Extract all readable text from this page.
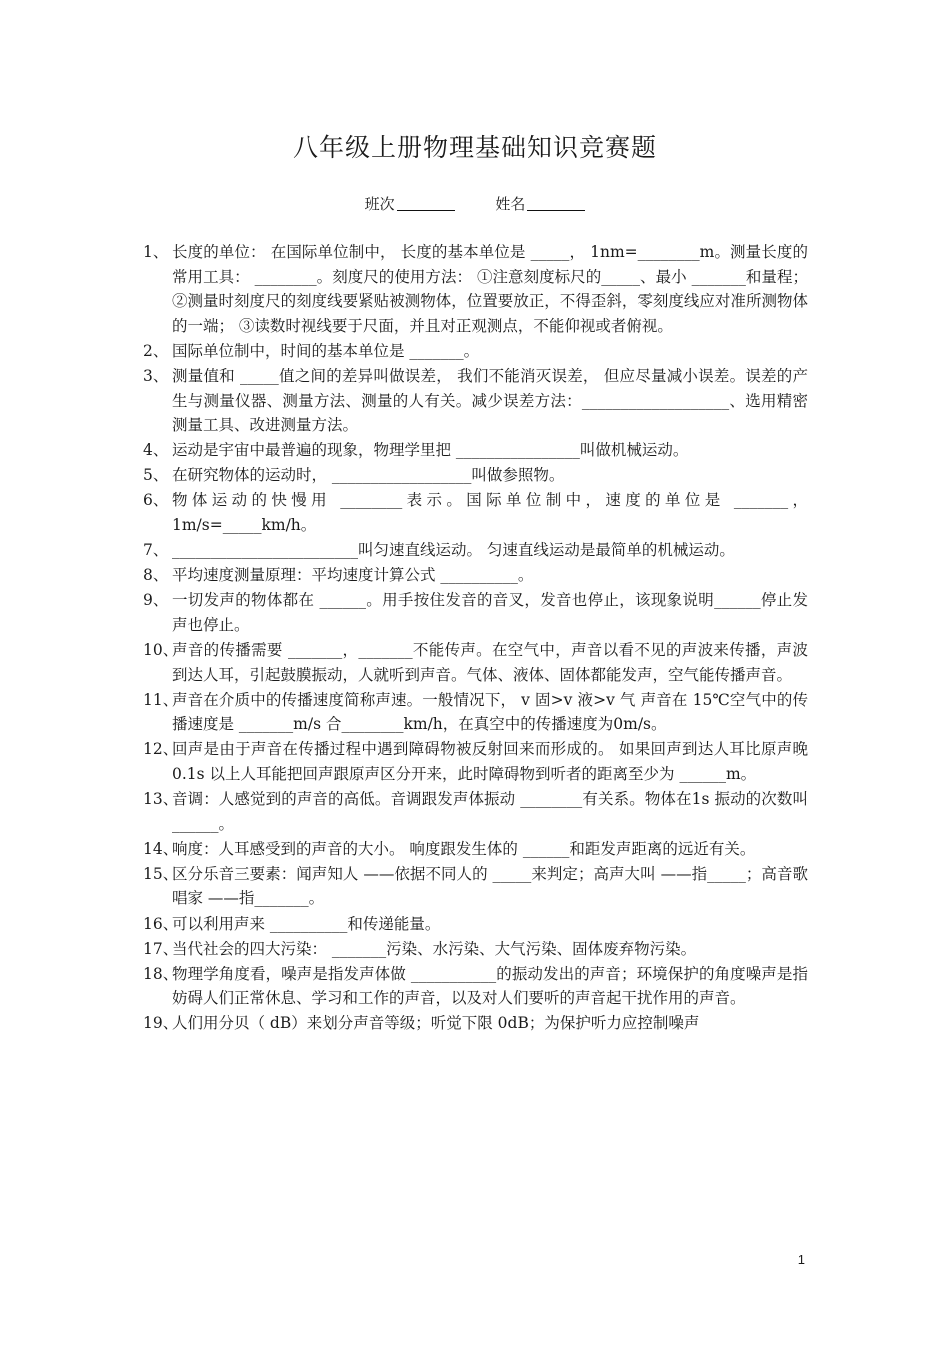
八年级上册物理基础知识竞赛题
班次	姓名
1、 长度的单位： 在国际单位制中， 长度的基本单位是 _____， 1nm=________m。测量长度的常用工具： ________。刻度尺的使用方法： ①注意刻度标尺的_____、最小 _______和量程； ②测量时刻度尺的刻度线要紧贴被测物体，位置要放正，不得歪斜，零刻度线应对准所测物体的一端； ③读数时视线要于尺面，并且对正观测点，不能仰视或者俯视。
2、 国际单位制中，时间的基本单位是 _______。
3、 测量值和 _____值之间的差异叫做误差， 我们不能消灭误差， 但应尽量减小误差。误差的产生与测量仪器、测量方法、测量的人有关。减少误差方法：___________________、选用精密测量工具、改进测量方法。
4、 运动是宇宙中最普遍的现象，物理学里把 ________________叫做机械运动。
5、 在研究物体的运动时， __________________叫做参照物。
6、 物体运动的快慢用 ________表示。国际单位制中，速度的单位是 _______，1m/s=_____km/h。
7、 ________________________叫匀速直线运动。 匀速直线运动是最简单的机械运动。
8、 平均速度测量原理：平均速度计算公式 __________。
9、 一切发声的物体都在 ______。用手按住发音的音叉，发音也停止，该现象说明______停止发声也停止。
10、
声音的传播需要 _______，_______不能传声。在空气中，声音以看不见的声波来传播，声波到达人耳，引起鼓膜振动，人就听到声音。气体、液体、固体都能发声，空气能传播声音。
11、
声音在介质中的传播速度简称声速。一般情况下， v 固>v 液>v 气 声音在 15℃空气中的传播速度是 _______m/s 合________km/h，在真空中的传播速度为0m/s。
12、
回声是由于声音在传播过程中遇到障碍物被反射回来而形成的。 如果回声到达人耳比原声晚 0.1s 以上人耳能把回声跟原声区分开来，此时障碍物到听者的距离至少为 ______m。
13、
音调：人感觉到的声音的高低。音调跟发声体振动 ________有关系。物体在1s 振动的次数叫 ______。
14、
响度：人耳感受到的声音的大小。 响度跟发生体的 ______和距发声距离的远近有关。
15、
区分乐音三要素：闻声知人 ——依据不同人的 _____来判定；高声大叫 ——指_____；高音歌唱家 ——指_______。
16、
可以利用声来 __________和传递能量。
17、
当代社会的四大污染： _______污染、水污染、大气污染、固体废弃物污染。
18、
物理学角度看，噪声是指发声体做 ___________的振动发出的声音；环境保护的角度噪声是指妨碍人们正常休息、学习和工作的声音，以及对人们要听的声音起干扰作用的声音。
19、
人们用分贝（ dB）来划分声音等级；听觉下限 0dB；为保护听力应控制噪声
1
